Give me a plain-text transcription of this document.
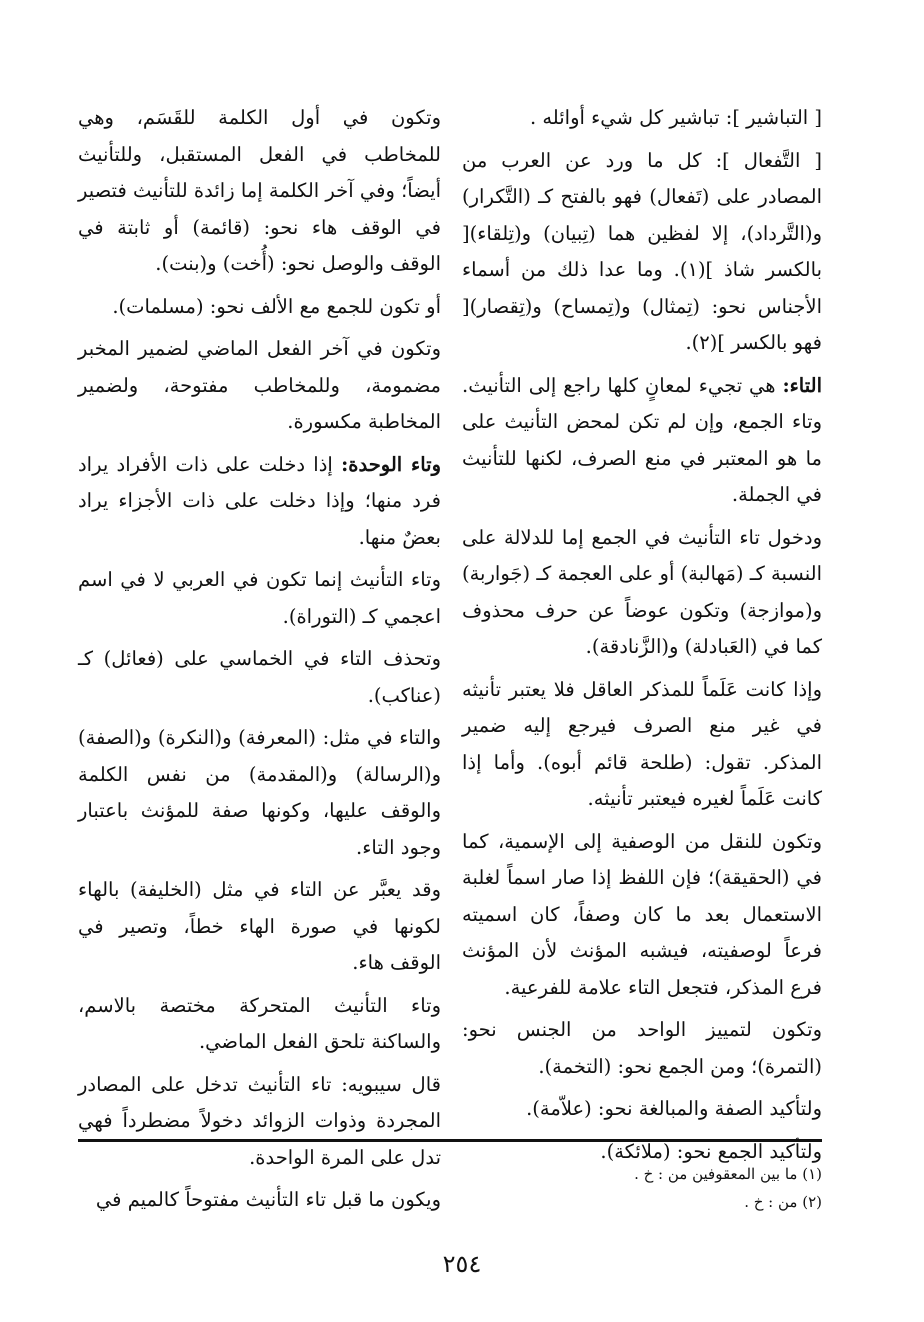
[ التباشير ]: تباشير كل شيء أوائله .

[ التَّفعال ]: كل ما ورد عن العرب من المصادر على (تَفعال) فهو بالفتح كـ (التَّكرار) و(التَّرداد)، إلا لفظين هما (تِبيان) و(تِلقاء)[ بالكسر شاذ ](١). وما عدا ذلك من أسماء الأجناس نحو: (تِمثال) و(تِمساح) و(تِقصار)[ فهو بالكسر ](٢).

التاء: هي تجيء لمعانٍ كلها راجع إلى التأنيث. وتاء الجمع، وإن لم تكن لمحض التأنيث على ما هو المعتبر في منع الصرف، لكنها للتأنيث في الجملة.

ودخول تاء التأنيث في الجمع إما للدلالة على النسبة كـ (مَهالبة) أو على العجمة كـ (جَواربة) و(موازجة) وتكون عوضاً عن حرف محذوف كما في (العَبادلة) و(الزَّنادقة).

وإذا كانت عَلَماً للمذكر العاقل فلا يعتبر تأنيثه في غير منع الصرف فيرجع إليه ضمير المذكر. تقول: (طلحة قائم أبوه). وأما إذا كانت عَلَماً لغيره فيعتبر تأنيثه.

وتكون للنقل من الوصفية إلى الإسمية، كما في (الحقيقة)؛ فإن اللفظ إذا صار اسماً لغلبة الاستعمال بعد ما كان وصفاً، كان اسميته فرعاً لوصفيته، فيشبه المؤنث لأن المؤنث فرع المذكر، فتجعل التاء علامة للفرعية.

وتكون لتمييز الواحد من الجنس نحو: (التمرة)؛ ومن الجمع نحو: (التخمة).

ولتأكيد الصفة والمبالغة نحو: (علاّمة).

ولتأكيد الجمع نحو: (ملائكة).

وتكون في أول الكلمة للقَسَم، وهي للمخاطب في الفعل المستقبل، وللتأنيث أيضاً؛ وفي آخر الكلمة إما زائدة للتأنيث فتصير في الوقف هاء نحو: (قائمة) أو ثابتة في الوقف والوصل نحو: (أُخت) و(بنت).

أو تكون للجمع مع الألف نحو: (مسلمات).

وتكون في آخر الفعل الماضي لضمير المخبر مضمومة، وللمخاطب مفتوحة، ولضمير المخاطبة مكسورة.

وتاء الوحدة: إذا دخلت على ذات الأفراد يراد فرد منها؛ وإذا دخلت على ذات الأجزاء يراد بعضٌ منها.

وتاء التأنيث إنما تكون في العربي لا في اسم اعجمي كـ (التوراة).

وتحذف التاء في الخماسي على (فعائل) كـ (عناكب).

والتاء في مثل: (المعرفة) و(النكرة) و(الصفة) و(الرسالة) و(المقدمة) من نفس الكلمة والوقف عليها، وكونها صفة للمؤنث باعتبار وجود التاء.

وقد يعبَّر عن التاء في مثل (الخليفة) بالهاء لكونها في صورة الهاء خطاً، وتصير في الوقف هاء.

وتاء التأنيث المتحركة مختصة بالاسم، والساكنة تلحق الفعل الماضي.

قال سيبويه: تاء التأنيث تدخل على المصادر المجردة وذوات الزوائد دخولاً مضطرداً فهي تدل على المرة الواحدة.

ويكون ما قبل تاء التأنيث مفتوحاً كالميم في

(١) ما بين المعقوفين من : خ .
(٢) من : خ .
٢٥٤
